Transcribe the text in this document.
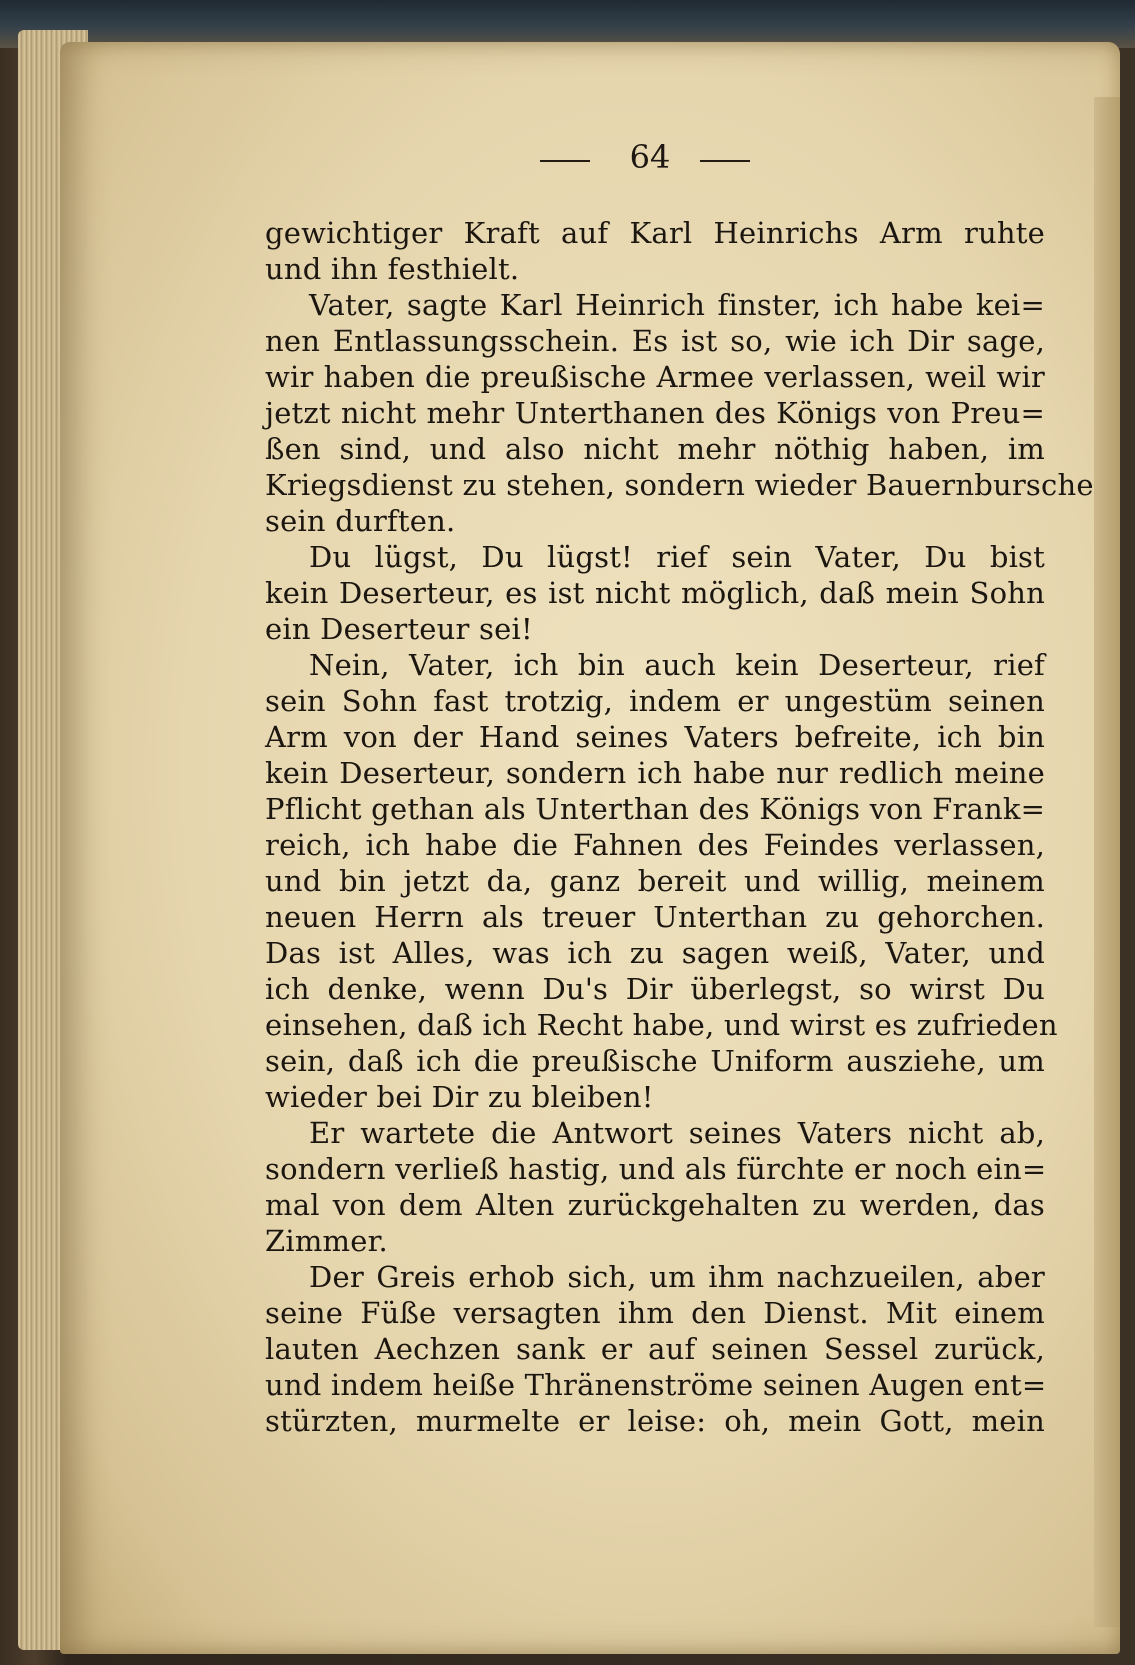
64
gewichtiger Kraft auf Karl Heinrichs Arm ruhte
und ihn festhielt.
Vater, sagte Karl Heinrich finster, ich habe kei=
nen Entlassungsschein. Es ist so, wie ich Dir sage,
wir haben die preußische Armee verlassen, weil wir
jetzt nicht mehr Unterthanen des Königs von Preu=
ßen sind, und also nicht mehr nöthig haben, im
Kriegsdienst zu stehen, sondern wieder Bauernbursche
sein durften.
Du lügst, Du lügst! rief sein Vater, Du bist
kein Deserteur, es ist nicht möglich, daß mein Sohn
ein Deserteur sei!
Nein, Vater, ich bin auch kein Deserteur, rief
sein Sohn fast trotzig, indem er ungestüm seinen
Arm von der Hand seines Vaters befreite, ich bin
kein Deserteur, sondern ich habe nur redlich meine
Pflicht gethan als Unterthan des Königs von Frank=
reich, ich habe die Fahnen des Feindes verlassen,
und bin jetzt da, ganz bereit und willig, meinem
neuen Herrn als treuer Unterthan zu gehorchen.
Das ist Alles, was ich zu sagen weiß, Vater, und
ich denke, wenn Du's Dir überlegst, so wirst Du
einsehen, daß ich Recht habe, und wirst es zufrieden
sein, daß ich die preußische Uniform ausziehe, um
wieder bei Dir zu bleiben!
Er wartete die Antwort seines Vaters nicht ab,
sondern verließ hastig, und als fürchte er noch ein=
mal von dem Alten zurückgehalten zu werden, das
Zimmer.
Der Greis erhob sich, um ihm nachzueilen, aber
seine Füße versagten ihm den Dienst. Mit einem
lauten Aechzen sank er auf seinen Sessel zurück,
und indem heiße Thränenströme seinen Augen ent=
stürzten, murmelte er leise: oh, mein Gott, mein
